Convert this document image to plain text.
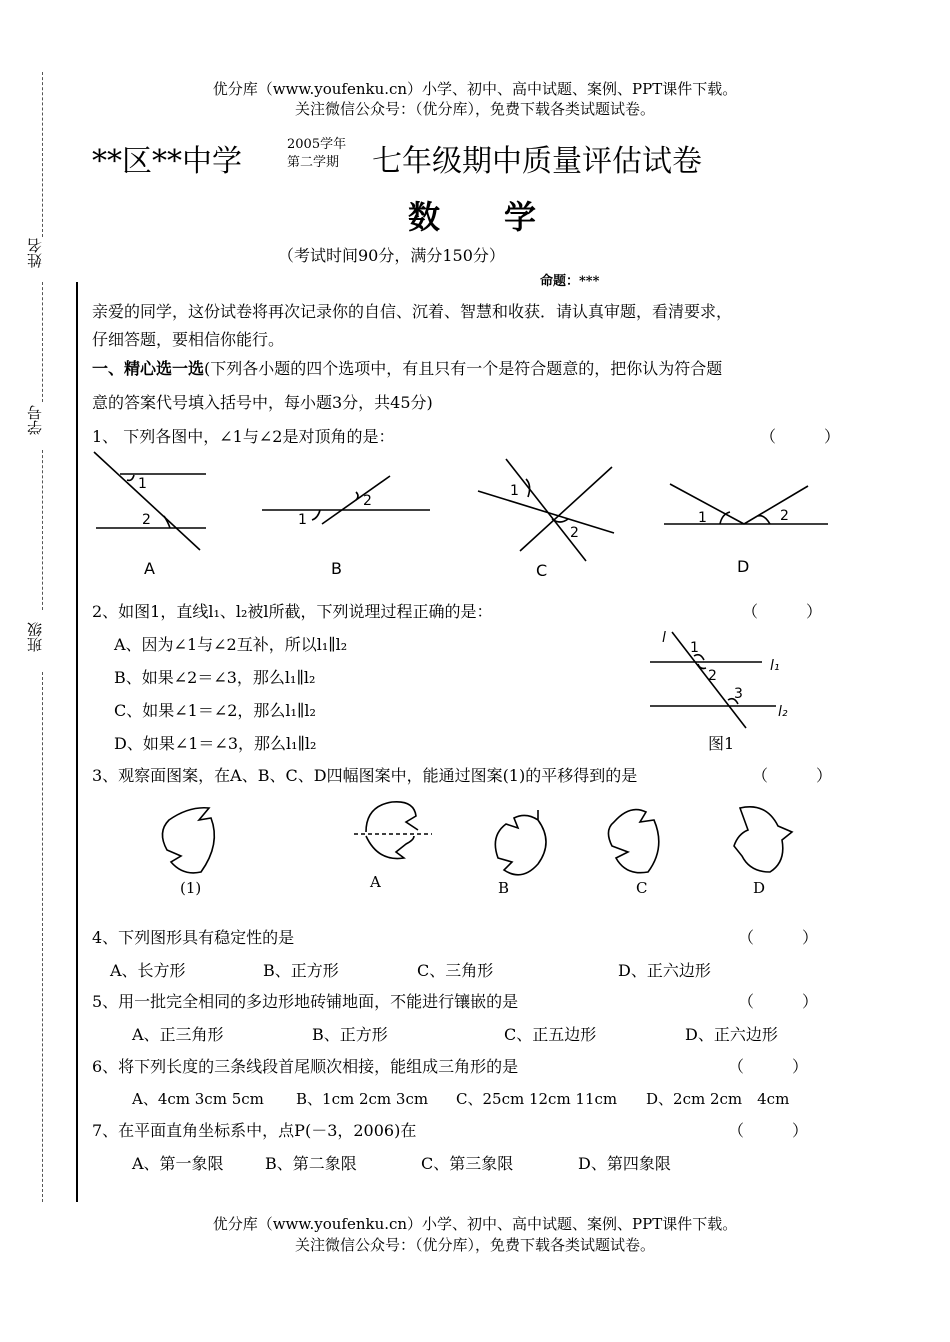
姓名
学号
班级
优分库（www.youfenku.cn）小学、初中、高中试题、案例、PPT课件下载。
关注微信公众号：（优分库），免费下载各类试题试卷。
**区**中学	2005学年
第二学期 七年级期中质量评估试卷
数　　学
（考试时间90分，满分150分）
命题：***
亲爱的同学，这份试卷将再次记录你的自信、沉着、智慧和收获．请认真审题，看清要求，
仔细答题，要相信你能行。
一、精心选一选(下列各小题的四个选项中，有且只有一个是符合题意的，把你认为符合题
意的答案代号填入括号中，每小题3分，共45分)
1、 下列各图中，∠1与∠2是对顶角的是：	（　　　）
1
2
A
1
2
B
1
2
C
1	2
D
2、如图1，直线l₁、l₂被l所截，下列说理过程正确的是：	（　　　）
A、因为∠1与∠2互补，所以l₁∥l₂
B、如果∠2＝∠3，那么l₁∥l₂
C、如果∠1＝∠2，那么l₁∥l₂
D、如果∠1＝∠3，那么l₁∥l₂
l
1
2
3
l₁
l₂
图1
3、观察面图案，在A、B、C、D四幅图案中，能通过图案(1)的平移得到的是	（　　　）
(1)	A	B	C	D
4、下列图形具有稳定性的是	（　　　）
A、长方形	B、正方形	C、三角形	D、正六边形
5、用一批完全相同的多边形地砖铺地面，不能进行镶嵌的是	（　　　）
A、正三角形	B、正方形	C、正五边形	D、正六边形
6、将下列长度的三条线段首尾顺次相接，能组成三角形的是	（　　　）
A、4cm 3cm 5cm B、1cm 2cm 3cm C、25cm 12cm 11cm D、2cm 2cm　4cm
7、在平面直角坐标系中，点P(－3，2006)在	（　　　）
A、第一象限	B、第二象限	C、第三象限	D、第四象限
优分库（www.youfenku.cn）小学、初中、高中试题、案例、PPT课件下载。
关注微信公众号：（优分库），免费下载各类试题试卷。
